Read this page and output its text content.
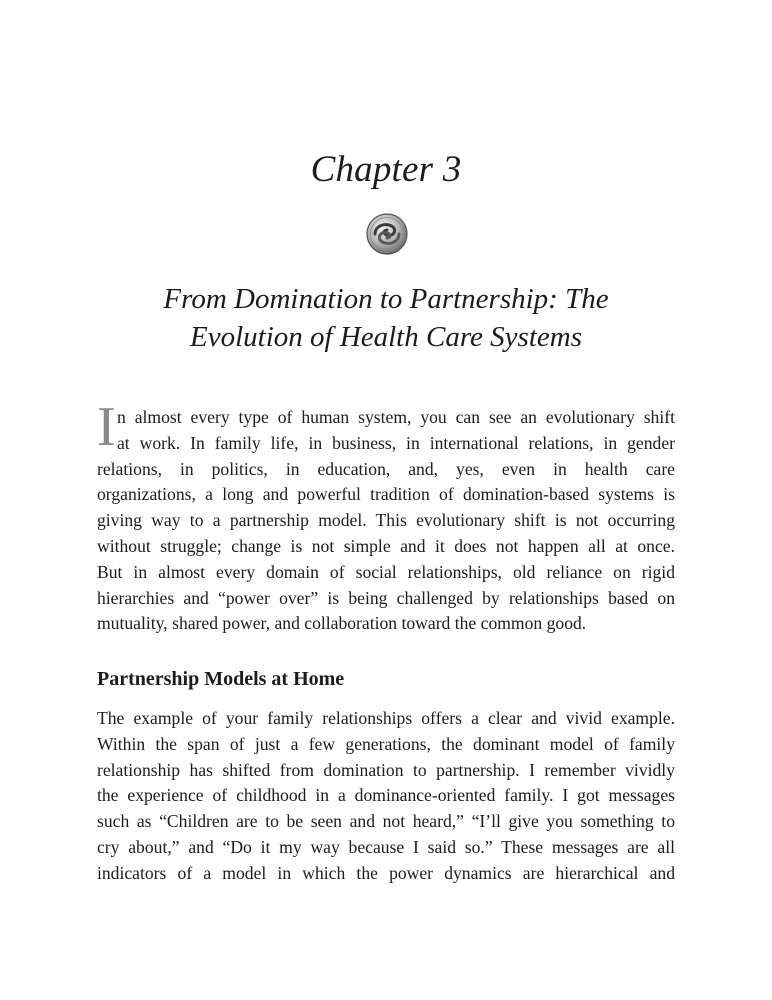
Chapter 3
From Domination to Partnership: The
Evolution of Health Care Systems
I n almost every type of human system, you can see an evolutionary shift
at work. In family life, in business, in international relations, in gender
relations, in politics, in education, and, yes, even in health care
organizations, a long and powerful tradition of domination-based systems is
giving way to a partnership model. This evolutionary shift is not occurring
without struggle; change is not simple and it does not happen all at once.
But in almost every domain of social relationships, old reliance on rigid
hierarchies and “power over” is being challenged by relationships based on
mutuality, shared power, and collaboration toward the common good.
Partnership Models at Home
The example of your family relationships offers a clear and vivid example.
Within the span of just a few generations, the dominant model of family
relationship has shifted from domination to partnership. I remember vividly
the experience of childhood in a dominance-oriented family. I got messages
such as “Children are to be seen and not heard,” “I’ll give you something to
cry about,” and “Do it my way because I said so.” These messages are all
indicators of a model in which the power dynamics are hierarchical and
